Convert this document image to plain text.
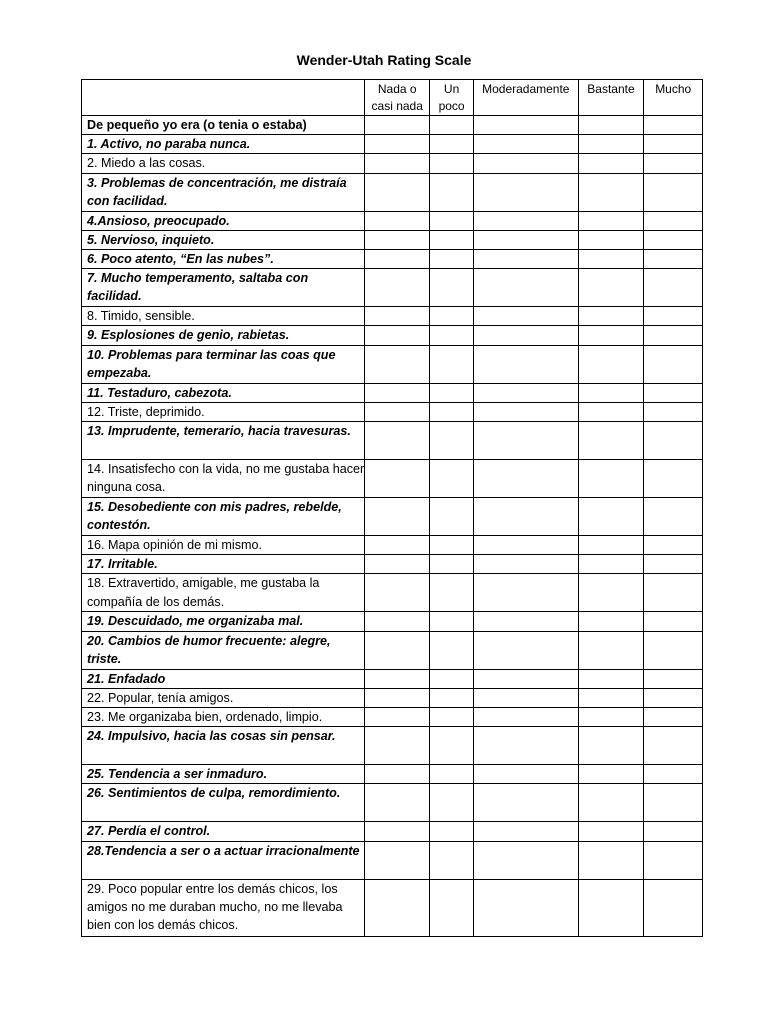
Wender-Utah Rating Scale
	Nada o casi nada	Un poco	Moderadamente	Bastante	Mucho
De pequeño yo era (o tenia o estaba)					
1. Activo, no paraba nunca.					
2. Miedo a las cosas.					
3. Problemas de concentración, me distraía con facilidad.					
4.Ansioso, preocupado.					
5. Nervioso, inquieto.					
6. Poco atento, “En las nubes”.					
7. Mucho temperamento, saltaba con facilidad.					
8. Timido, sensible.					
9. Esplosiones de genio, rabietas.					
10. Problemas para terminar las coas que empezaba.					
11. Testaduro, cabezota.					
12. Triste, deprimido.					
13. Imprudente, temerario, hacia travesuras.					
14. Insatisfecho con la vida, no me gustaba hacer ninguna cosa.					
15. Desobediente con mis padres, rebelde, contestón.					
16. Mapa opinión de mi mismo.					
17. Irritable.					
18. Extravertido, amigable, me gustaba la compañía de los demás.					
19. Descuidado, me organizaba mal.					
20. Cambios de humor frecuente: alegre, triste.					
21. Enfadado					
22. Popular, tenía amigos.					
23. Me organizaba bien, ordenado, limpio.					
24. Impulsivo, hacia las cosas sin pensar.					
25. Tendencia a ser inmaduro.					
26. Sentimientos de culpa, remordimiento.					
27. Perdía el control.					
28.Tendencia a ser o a actuar irracionalmente					
29. Poco popular entre los demás chicos, los amigos no me duraban mucho, no me llevaba bien con los demás chicos.					
